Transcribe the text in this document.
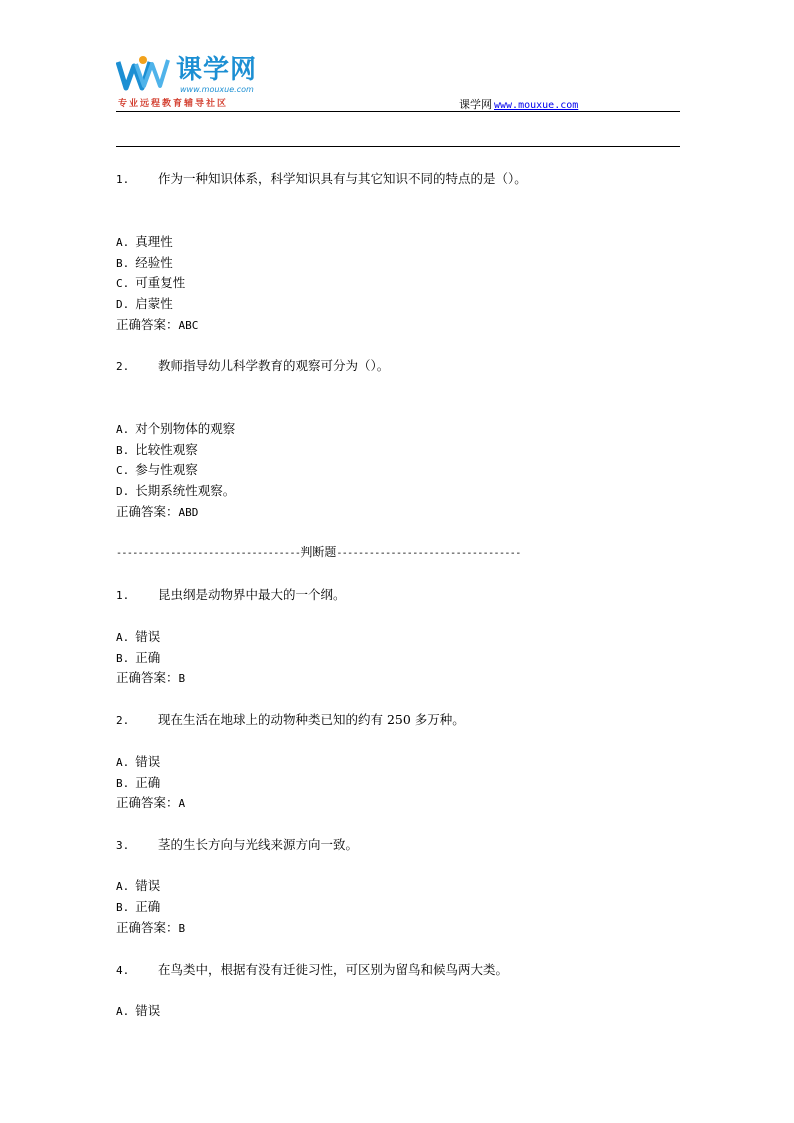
课学网
www.mouxue.com
专业远程教育辅导社区	课学网 www.mouxue.com
1. 作为一种知识体系，科学知识具有与其它知识不同的特点的是（）。
A. 真理性
B. 经验性
C. 可重复性
D. 启蒙性
正确答案：ABC
2. 教师指导幼儿科学教育的观察可分为（）。
A. 对个别物体的观察
B. 比较性观察
C. 参与性观察
D. 长期系统性观察。
正确答案：ABD
----------------------------------判断题----------------------------------
1. 昆虫纲是动物界中最大的一个纲。
A. 错误
B. 正确
正确答案：B
2. 现在生活在地球上的动物种类已知的约有 250 多万种。
A. 错误
B. 正确
正确答案：A
3. 茎的生长方向与光线来源方向一致。
A. 错误
B. 正确
正确答案：B
4. 在鸟类中，根据有没有迁徙习性，可区别为留鸟和候鸟两大类。
A. 错误
